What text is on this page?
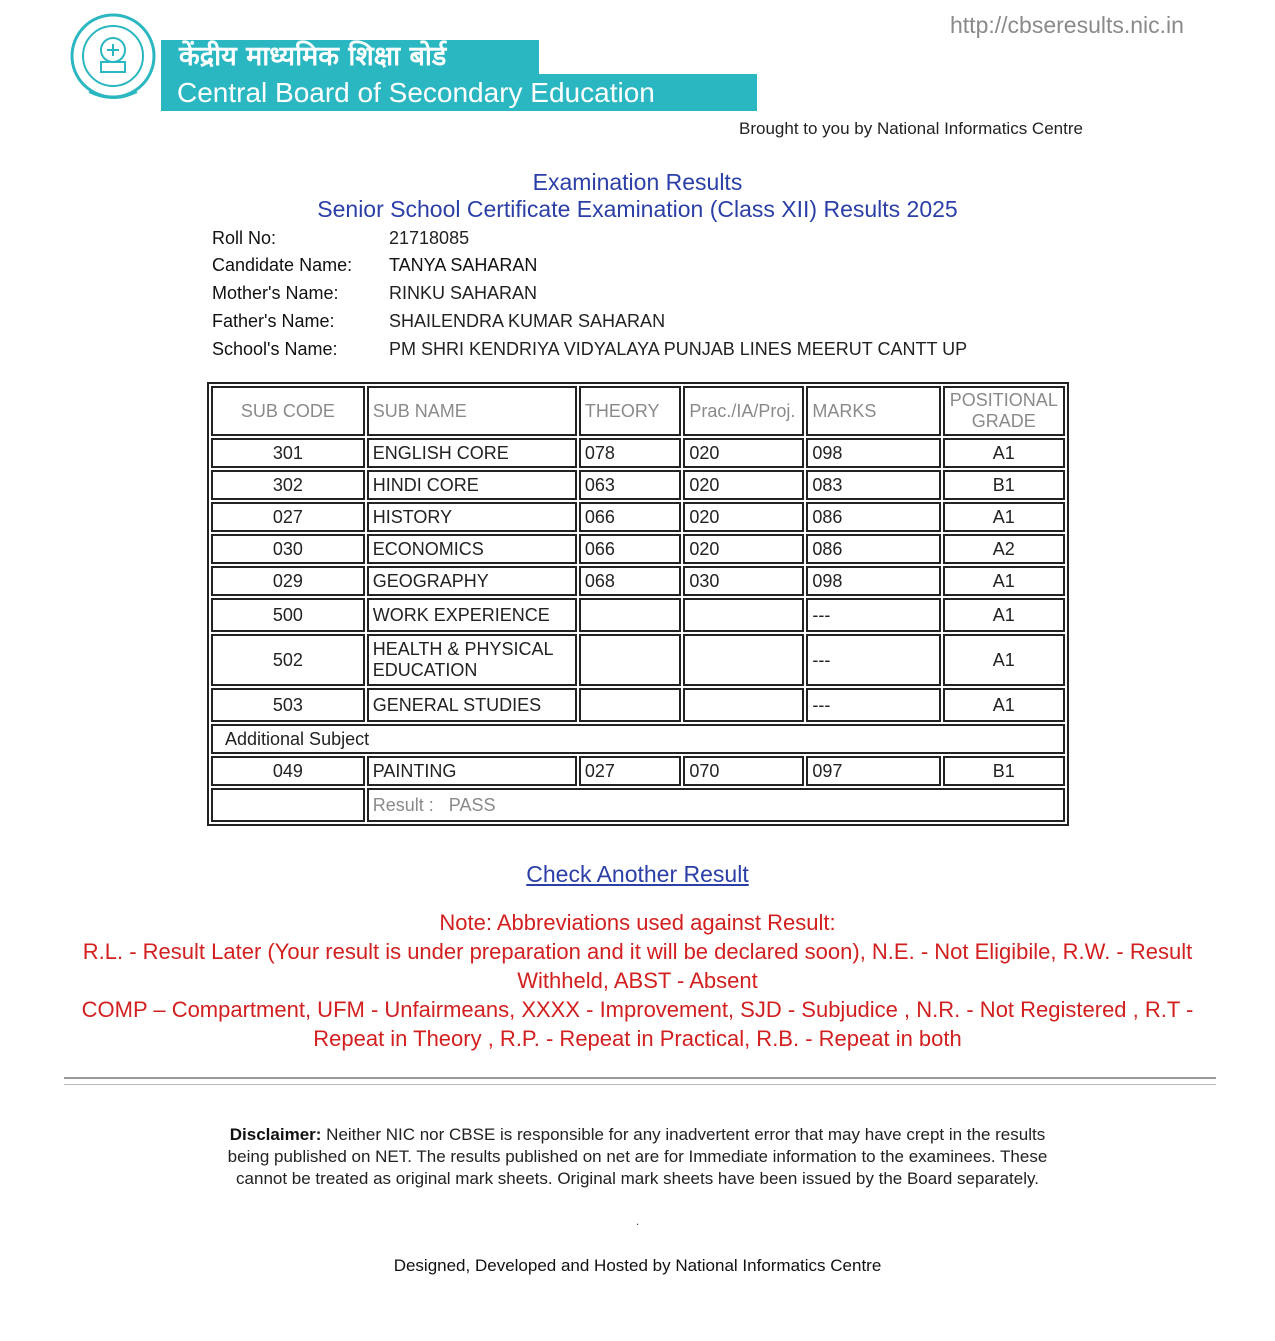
http://cbseresults.nic.in
केंद्रीय माध्यमिक शिक्षा बोर्ड
Central Board of Secondary Education
Brought to you by National Informatics Centre
Examination Results
Senior School Certificate Examination (Class XII) Results 2025
Roll No:	21718085
Candidate Name: TANYA SAHARAN
Mother's Name:	RINKU SAHARAN
Father's Name:	SHAILENDRA KUMAR SAHARAN
School's Name:	PM SHRI KENDRIYA VIDYALAYA PUNJAB LINES MEERUT CANTT UP
SUB CODE	SUB NAME	THEORY	Prac./IA/Proj.	MARKS	POSITIONAL GRADE
301	ENGLISH CORE	078	020	098	A1
302	HINDI CORE	063	020	083	B1
027	HISTORY	066	020	086	A1
030	ECONOMICS	066	020	086	A2
029	GEOGRAPHY	068	030	098	A1
500	WORK EXPERIENCE			---	A1
502	HEALTH & PHYSICAL EDUCATION			---	A1
503	GENERAL STUDIES			---	A1
Additional Subject					
049	PAINTING	027	070	097	B1
	Result :   PASS				
Check Another Result
Note: Abbreviations used against Result:
R.L. - Result Later (Your result is under preparation and it will be declared soon), N.E. - Not Eligibile, R.W. - Result Withheld, ABST - Absent
COMP – Compartment, UFM - Unfairmeans, XXXX - Improvement, SJD - Subjudice , N.R. - Not Registered , R.T - Repeat in Theory , R.P. - Repeat in Practical, R.B. - Repeat in both
Disclaimer: Neither NIC nor CBSE is responsible for any inadvertent error that may have crept in the results being published on NET. The results published on net are for Immediate information to the examinees. These cannot be treated as original mark sheets. Original mark sheets have been issued by the Board separately.
.
Designed, Developed and Hosted by National Informatics Centre
